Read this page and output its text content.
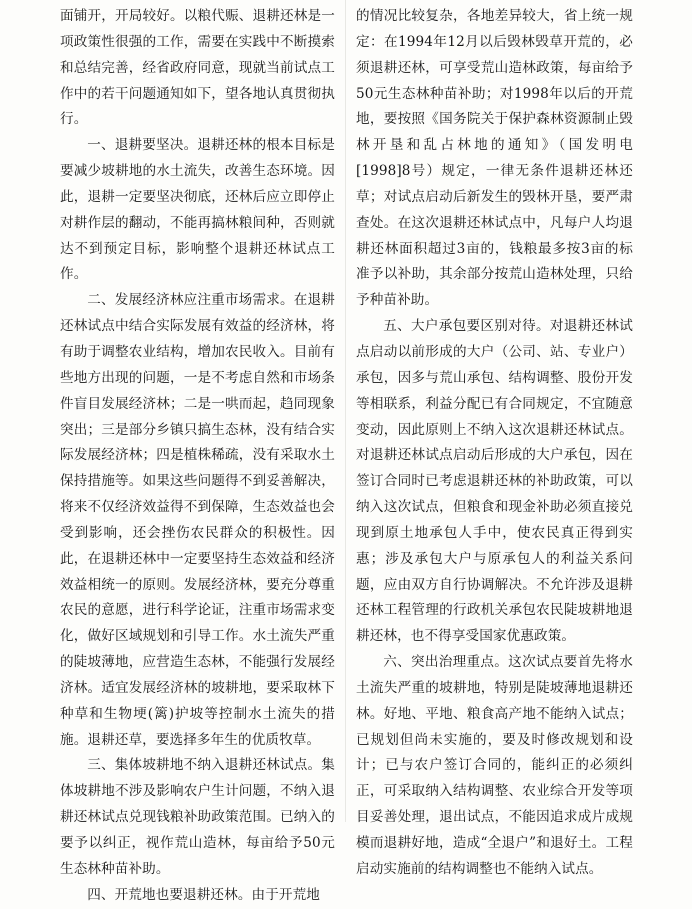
面铺开，开局较好。以粮代赈、退耕还林是一项政策性很强的工作，需要在实践中不断摸索和总结完善，经省政府同意，现就当前试点工作中的若干问题通知如下，望各地认真贯彻执行。

一、退耕要坚决。退耕还林的根本目标是要减少坡耕地的水土流失，改善生态环境。因此，退耕一定要坚决彻底，还林后应立即停止对耕作层的翻动，不能再搞林粮间种，否则就达不到预定目标，影响整个退耕还林试点工作。

二、发展经济林应注重市场需求。在退耕还林试点中结合实际发展有效益的经济林，将有助于调整农业结构，增加农民收入。目前有些地方出现的问题，一是不考虑自然和市场条件盲目发展经济林；二是一哄而起，趋同现象突出；三是部分乡镇只搞生态林，没有结合实际发展经济林；四是植株稀疏，没有采取水土保持措施等。如果这些问题得不到妥善解决，将来不仅经济效益得不到保障，生态效益也会受到影响，还会挫伤农民群众的积极性。因此，在退耕还林中一定要坚持生态效益和经济效益相统一的原则。发展经济林，要充分尊重农民的意愿，进行科学论证，注重市场需求变化，做好区域规划和引导工作。水土流失严重的陡坡薄地，应营造生态林，不能强行发展经济林。适宜发展经济林的坡耕地，要采取林下种草和生物埂(篱)护坡等控制水土流失的措施。退耕还草，要选择多年生的优质牧草。

三、集体坡耕地不纳入退耕还林试点。集体坡耕地不涉及影响农户生计问题，不纳入退耕还林试点兑现钱粮补助政策范围。已纳入的要予以纠正，视作荒山造林，每亩给予50元生态林种苗补助。

四、开荒地也要退耕还林。由于开荒地

的情况比较复杂，各地差异较大，省上统一规定：在1994年12月以后毁林毁草开荒的，必须退耕还林，可享受荒山造林政策，每亩给予50元生态林种苗补助；对1998年以后的开荒地，要按照《国务院关于保护森林资源制止毁林开垦和乱占林地的通知》（国发明电[1998]8号）规定，一律无条件退耕还林还草；对试点启动后新发生的毁林开垦，要严肃查处。在这次退耕还林试点中，凡每户人均退耕还林面积超过3亩的，钱粮最多按3亩的标准予以补助，其余部分按荒山造林处理，只给予种苗补助。

五、大户承包要区别对待。对退耕还林试点启动以前形成的大户（公司、站、专业户）承包，因多与荒山承包、结构调整、股份开发等相联系，利益分配已有合同规定，不宜随意变动，因此原则上不纳入这次退耕还林试点。对退耕还林试点启动后形成的大户承包，因在签订合同时已考虑退耕还林的补助政策，可以纳入这次试点，但粮食和现金补助必须直接兑现到原土地承包人手中，使农民真正得到实惠；涉及承包大户与原承包人的利益关系问题，应由双方自行协调解决。不允许涉及退耕还林工程管理的行政机关承包农民陡坡耕地退耕还林，也不得享受国家优惠政策。

六、突出治理重点。这次试点要首先将水土流失严重的坡耕地，特别是陡坡薄地退耕还林。好地、平地、粮食高产地不能纳入试点；已规划但尚未实施的，要及时修改规划和设计；已与农户签订合同的，能纠正的必须纠正，可采取纳入结构调整、农业综合开发等项目妥善处理，退出试点，不能因追求成片成规模而退耕好地，造成“全退户”和退好土。工程启动实施前的结构调整也不能纳入试点。
